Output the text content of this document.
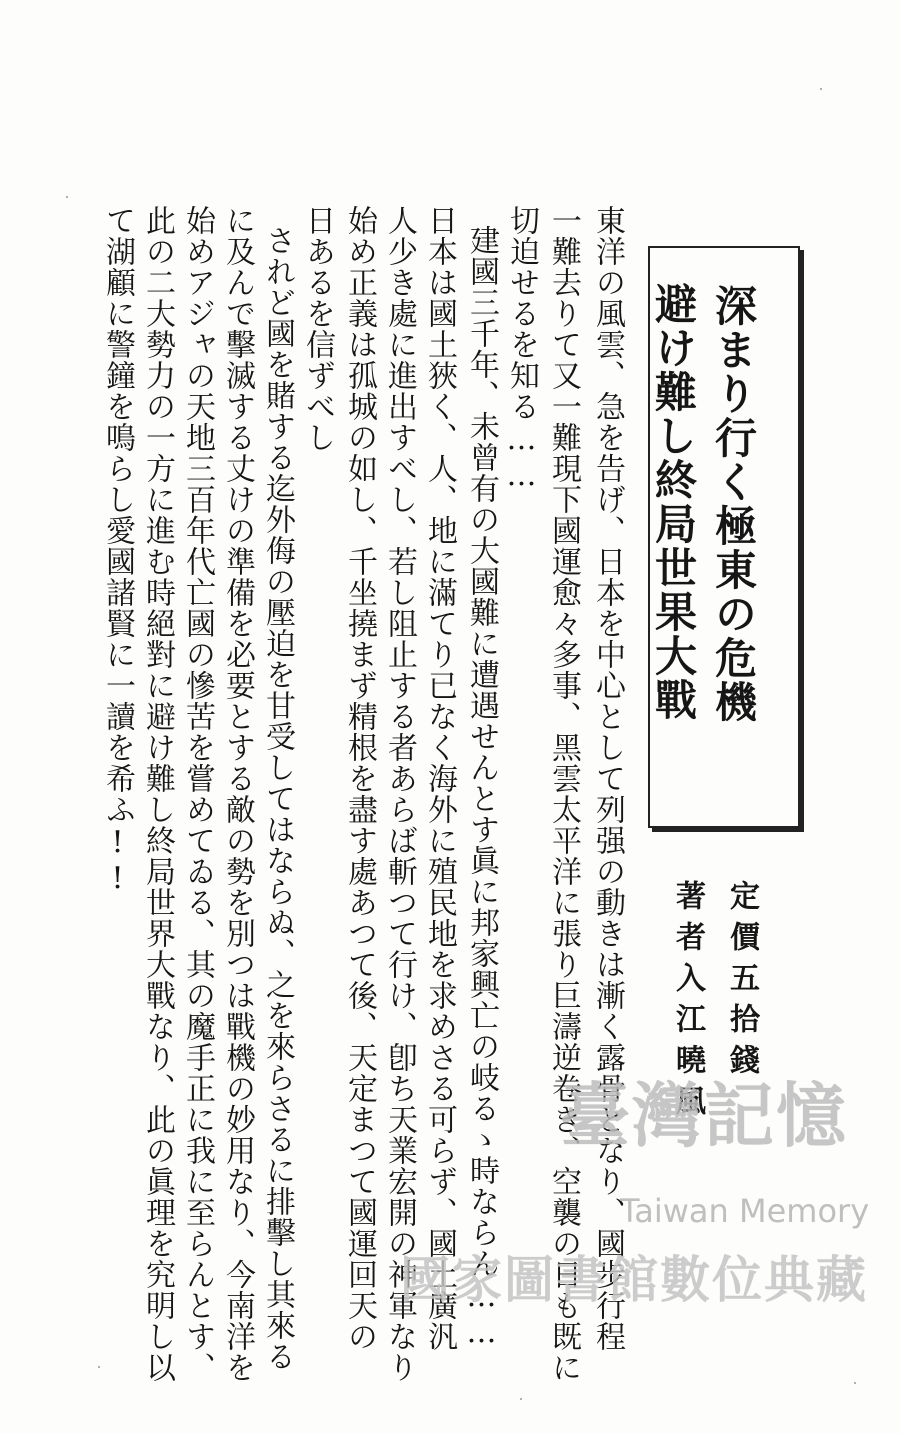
深まり行く極東の危機
避け難し終局世果大戰
定價五拾錢
著者入江曉風
東洋の風雲、急を告げ、日本を中心として列强の動きは漸く露骨となり、國步行程
一難去りて又一難現下國運愈々多事、黑雲太平洋に張り巨濤逆卷き、空襲の日も既に
切迫せるを知る……
建國三千年、未曾有の大國難に遭遇せんとす眞に邦家興亡の岐るゝ時ならん……
日本は國土狹く、人、地に滿てり已なく海外に殖民地を求めさる可らず、國土廣汎
人少き處に進出すべし、若し阻止する者あらば斬つて行け、卽ち天業宏開の神軍なり
始め正義は孤城の如し、千坐撓まず精根を盡す處あつて後、天定まつて國運回天の
日あるを信ずべし
されど國を賭する迄外侮の壓迫を甘受してはならぬ、之を來らさるに排擊し其來る
に及んで擊滅する丈けの準備を必要とする敵の勢を別つは戰機の妙用なり、今南洋を
始めアジャの天地三百年代亡國の慘苦を嘗めてゐる、其の魔手正に我に至らんとす、
此の二大勢力の一方に進む時絕對に避け難し終局世界大戰なり、此の眞理を究明し以
て湖顧に警鐘を鳴らし愛國諸賢に一讀を希ふ!!
臺灣記憶
Taiwan Memory
國家圖書館數位典藏
